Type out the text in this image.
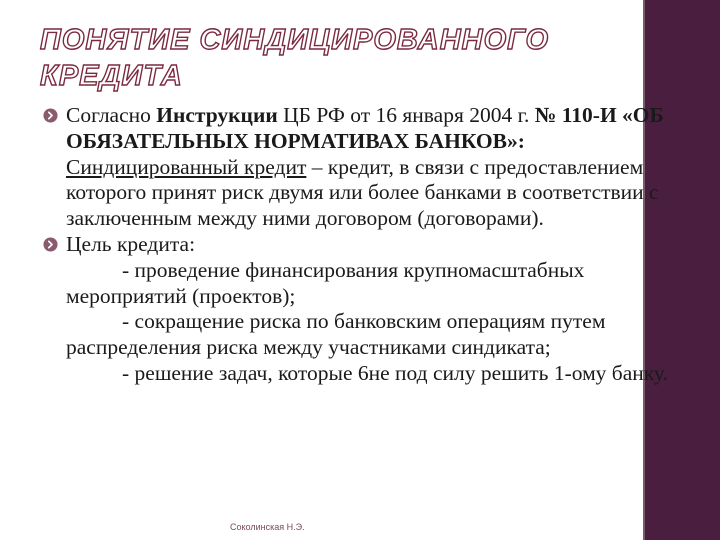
ПОНЯТИЕ СИНДИЦИРОВАННОГО КРЕДИТА
Согласно Инструкции ЦБ РФ от 16 января 2004 г. № 110-И «ОБ ОБЯЗАТЕЛЬНЫХ НОРМАТИВАХ БАНКОВ»: Синдицированный кредит – кредит, в связи с предоставлением которого принят риск двумя или более банками в соответствии с заключенным между ними договором (договорами).
Цель кредита:

- проведение финансирования крупномасштабных мероприятий (проектов);

- сокращение риска по банковским операциям путем распределения риска между участниками синдиката;

- решение задач, которые 6не под силу решить 1-ому банку.

Соколинская Н.Э.
